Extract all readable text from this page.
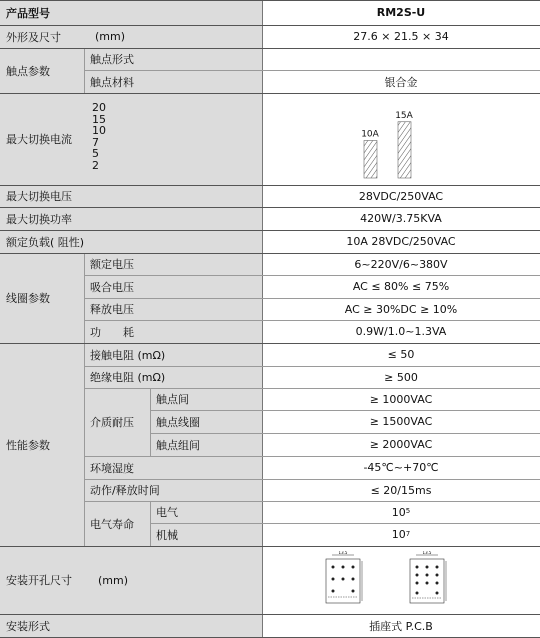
产品型号	RM2S-U
外形及尺寸	(mm)	27.6 × 21.5 × 34
触点参数
触点形式
触点材料	银合金
最大切换电流
20
15
10
7
5
2
10A
15A
最大切换电压	28VDC/250VAC
最大切换功率	420W/3.75KVA
额定负载( 阻性)	10A 28VDC/250VAC
线圈参数
额定电压	6~220V/6~380V
吸合电压	AC ≤ 80% ≤ 75%
释放电压	AC ≥ 30%DC ≥ 10%
功　　耗	0.9W/1.0~1.3VA
性能参数
接触电阻 (mΩ)	≤ 50
绝缘电阻 (mΩ)	≥ 500
介质耐压
触点间	≥ 1000VAC
触点线圈	≥ 1500VAC
触点组间	≥ 2000VAC
环境湿度	-45℃~+70℃
动作/释放时间	≤ 20/15ms
电气寿命
电气	$10^5$
机械	$10^7$
安装开孔尺寸 (mm)
13.5	13.5
安装形式	插座式 P.C.B
